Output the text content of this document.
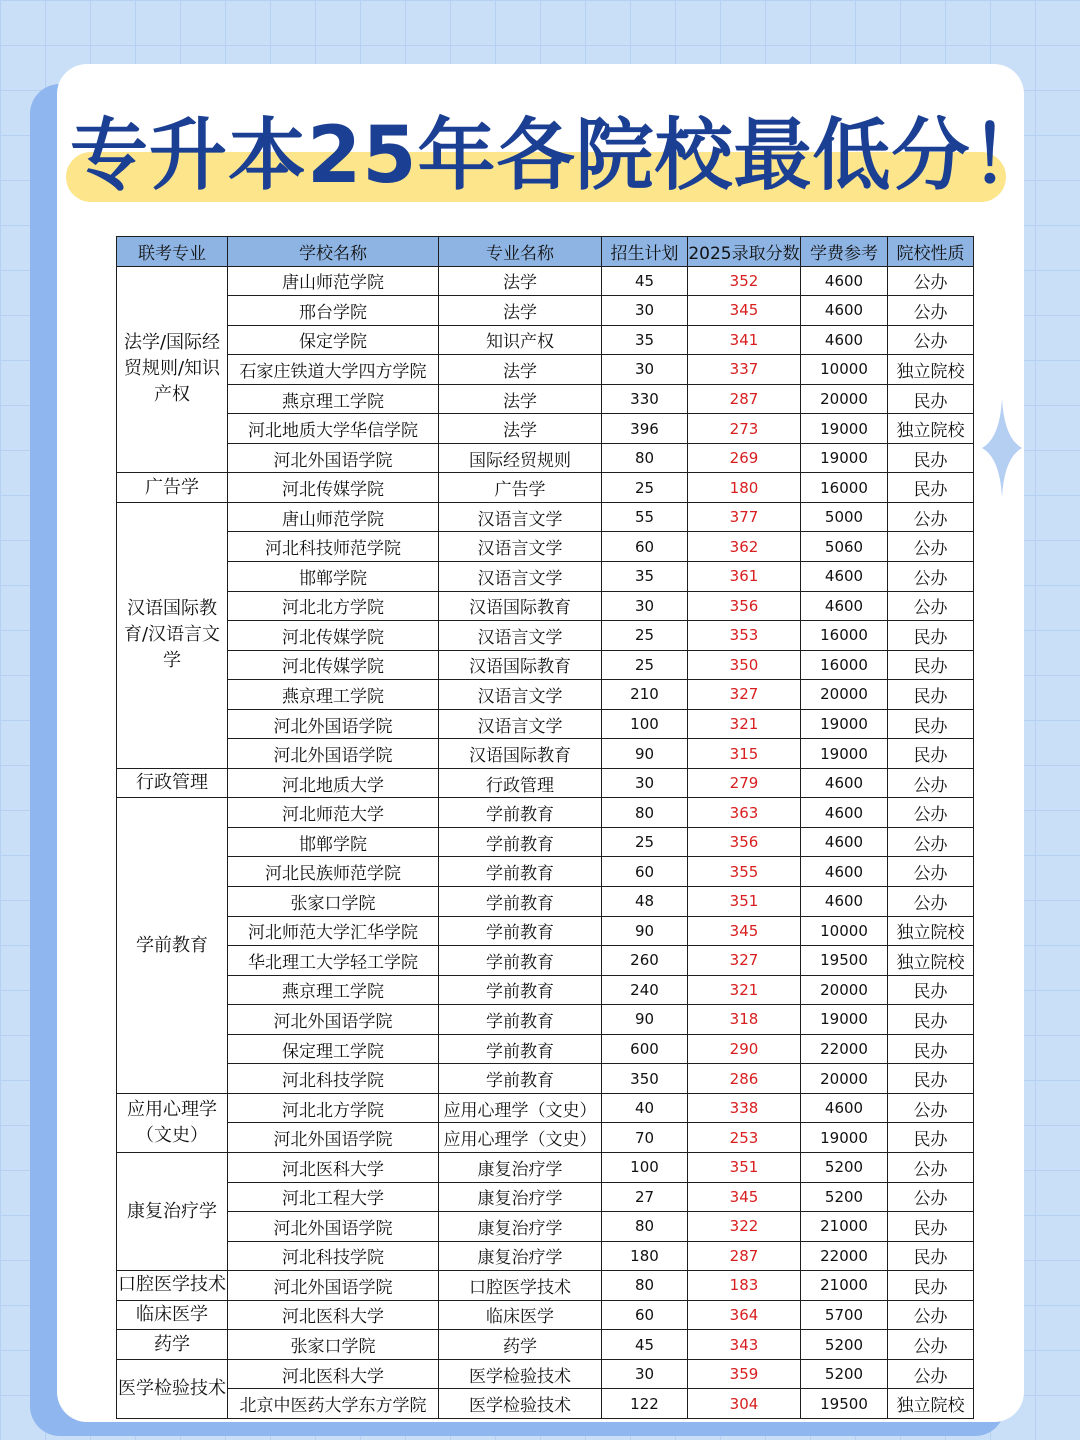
专升本25年各院校最低分！
联考专业	学校名称	专业名称	招生计划	2025录取分数	学费参考	院校性质
法学/国际经贸规则/知识产权	唐山师范学院	法学	45	352	4600	公办
	邢台学院	法学	30	345	4600	公办
	保定学院	知识产权	35	341	4600	公办
	石家庄铁道大学四方学院	法学	30	337	10000	独立院校
	燕京理工学院	法学	330	287	20000	民办
	河北地质大学华信学院	法学	396	273	19000	独立院校
	河北外国语学院	国际经贸规则	80	269	19000	民办
广告学	河北传媒学院	广告学	25	180	16000	民办
汉语国际教育/汉语言文学	唐山师范学院	汉语言文学	55	377	5000	公办
	河北科技师范学院	汉语言文学	60	362	5060	公办
	邯郸学院	汉语言文学	35	361	4600	公办
	河北北方学院	汉语国际教育	30	356	4600	公办
	河北传媒学院	汉语言文学	25	353	16000	民办
	河北传媒学院	汉语国际教育	25	350	16000	民办
	燕京理工学院	汉语言文学	210	327	20000	民办
	河北外国语学院	汉语言文学	100	321	19000	民办
	河北外国语学院	汉语国际教育	90	315	19000	民办
行政管理	河北地质大学	行政管理	30	279	4600	公办
学前教育	河北师范大学	学前教育	80	363	4600	公办
	邯郸学院	学前教育	25	356	4600	公办
	河北民族师范学院	学前教育	60	355	4600	公办
	张家口学院	学前教育	48	351	4600	公办
	河北师范大学汇华学院	学前教育	90	345	10000	独立院校
	华北理工大学轻工学院	学前教育	260	327	19500	独立院校
	燕京理工学院	学前教育	240	321	20000	民办
	河北外国语学院	学前教育	90	318	19000	民办
	保定理工学院	学前教育	600	290	22000	民办
	河北科技学院	学前教育	350	286	20000	民办
应用心理学（文史）	河北北方学院	应用心理学（文史）	40	338	4600	公办
	河北外国语学院	应用心理学（文史）	70	253	19000	民办
康复治疗学	河北医科大学	康复治疗学	100	351	5200	公办
	河北工程大学	康复治疗学	27	345	5200	公办
	河北外国语学院	康复治疗学	80	322	21000	民办
	河北科技学院	康复治疗学	180	287	22000	民办
口腔医学技术	河北外国语学院	口腔医学技术	80	183	21000	民办
临床医学	河北医科大学	临床医学	60	364	5700	公办
药学	张家口学院	药学	45	343	5200	公办
医学检验技术	河北医科大学	医学检验技术	30	359	5200	公办
	北京中医药大学东方学院	医学检验技术	122	304	19500	独立院校
